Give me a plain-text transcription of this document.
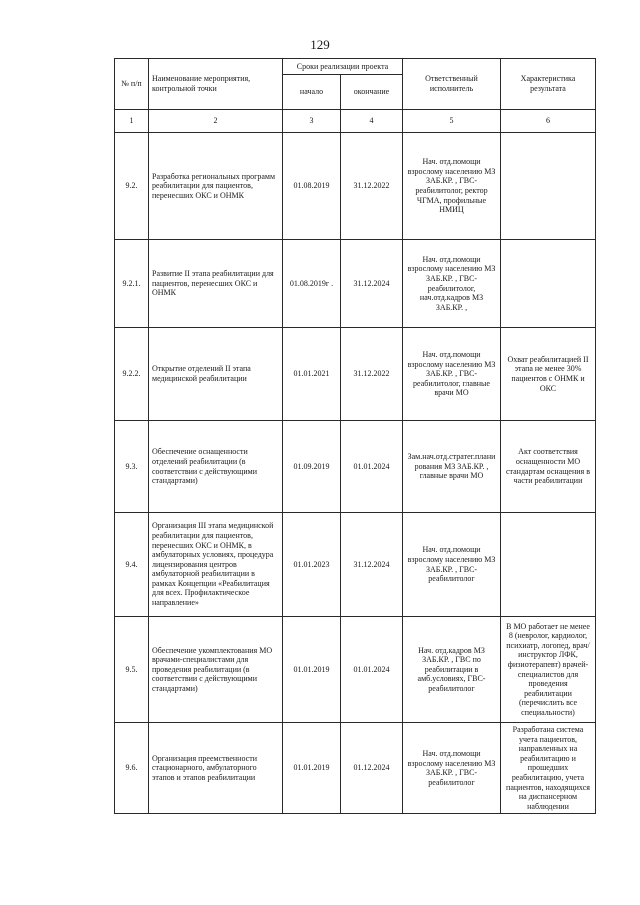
129
№ п/п	Наименование мероприятия, контрольной точки	Сроки реализации проекта		Ответственный исполнитель	Характеристика результата
		начало	окончание		
1	2	3	4	5	6
9.2.	Разработка региональных программ реабилитации для пациентов, перенесших ОКС и ОНМК	01.08.2019	31.12.2022	Нач. отд.помощи взрослому населению МЗ ЗАБ.КР. , ГВС-реабилитолог, ректор ЧГМА, профильные НМИЦ	
9.2.1.	Развитие II этапа реабилитации для пациентов, перенесших ОКС и ОНМК	01.08.2019г .	31.12.2024	Нач. отд.помощи взрослому населению МЗ ЗАБ.КР. , ГВС-реабилитолог, нач.отд.кадров МЗ ЗАБ.КР. ,	
9.2.2.	Открытие отделений II этапа медицинской реабилитации	01.01.2021	31.12.2022	Нач. отд.помощи взрослому населению МЗ ЗАБ.КР. , ГВС-реабилитолог, главные врачи МО	Охват реабилитацией II этапа не менее 30% пациентов с ОНМК и ОКС
9.3.	Обеспечение оснащенности отделений реабилитации (в соответствии с действующими стандартами)	01.09.2019	01.01.2024	Зам.нач.отд.стратег.планирования МЗ ЗАБ.КР. , главные врачи МО	Акт соответствия оснащенности МО стандартам оснащения в части реабилитации
9.4.	Организация III этапа медицинской реабилитации для пациентов, перенесших ОКС и ОНМК, в амбулаторных условиях, процедура лицензирования центров амбулаторной реабилитации в рамках Концепции «Реабилитация для всех. Профилактическое направление»	01.01.2023	31.12.2024	Нач. отд.помощи взрослому населению МЗ ЗАБ.КР. , ГВС-реабилитолог	
9.5.	Обеспечение укомплектования МО врачами-специалистами для проведения реабилитации (в соответствии с действующими стандартами)	01.01.2019	01.01.2024	Нач. отд.кадров МЗ ЗАБ.КР. , ГВС по реабилитации в амб.условиях, ГВС-реабилитолог	В МО работает не менее 8 (невролог, кардиолог, психиатр, логопед, врач/инструктор ЛФК, физиотерапевт) врачей-специалистов для проведения реабилитации (перечислить все специальности)
9.6.	Организация преемственности стационарного, амбулаторного этапов и этапов реабилитации	01.01.2019	01.12.2024	Нач. отд.помощи взрослому населению МЗ ЗАБ.КР. , ГВС-реабилитолог	Разработана система учета пациентов, направленных на реабилитацию и прошедших реабилитацию, учета пациентов, находящихся на диспансерном наблюдении
